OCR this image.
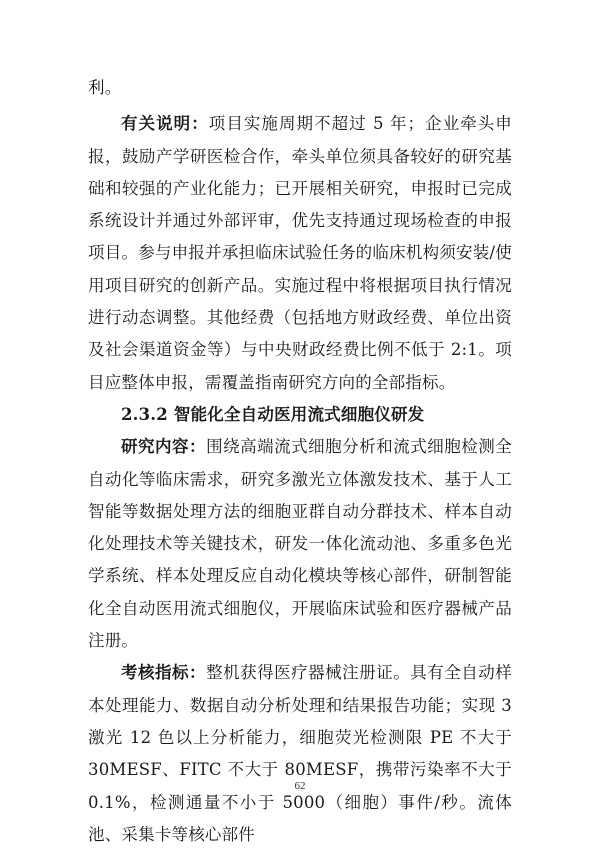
利。

有关说明：项目实施周期不超过 5 年；企业牵头申报，鼓励产学研医检合作，牵头单位须具备较好的研究基础和较强的产业化能力；已开展相关研究，申报时已完成系统设计并通过外部评审，优先支持通过现场检查的申报项目。参与申报并承担临床试验任务的临床机构须安装/使用项目研究的创新产品。实施过程中将根据项目执行情况进行动态调整。其他经费（包括地方财政经费、单位出资及社会渠道资金等）与中央财政经费比例不低于 2:1。项目应整体申报，需覆盖指南研究方向的全部指标。

2.3.2 智能化全自动医用流式细胞仪研发

研究内容：围绕高端流式细胞分析和流式细胞检测全自动化等临床需求，研究多激光立体激发技术、基于人工智能等数据处理方法的细胞亚群自动分群技术、样本自动化处理技术等关键技术，研发一体化流动池、多重多色光学系统、样本处理反应自动化模块等核心部件，研制智能化全自动医用流式细胞仪，开展临床试验和医疗器械产品注册。

考核指标：整机获得医疗器械注册证。具有全自动样本处理能力、数据自动分析处理和结果报告功能；实现 3 激光 12 色以上分析能力，细胞荧光检测限 PE 不大于 30MESF、FITC 不大于 80MESF，携带污染率不大于 0.1%，检测通量不小于 5000（细胞）事件/秒。流体池、采集卡等核心部件

62
